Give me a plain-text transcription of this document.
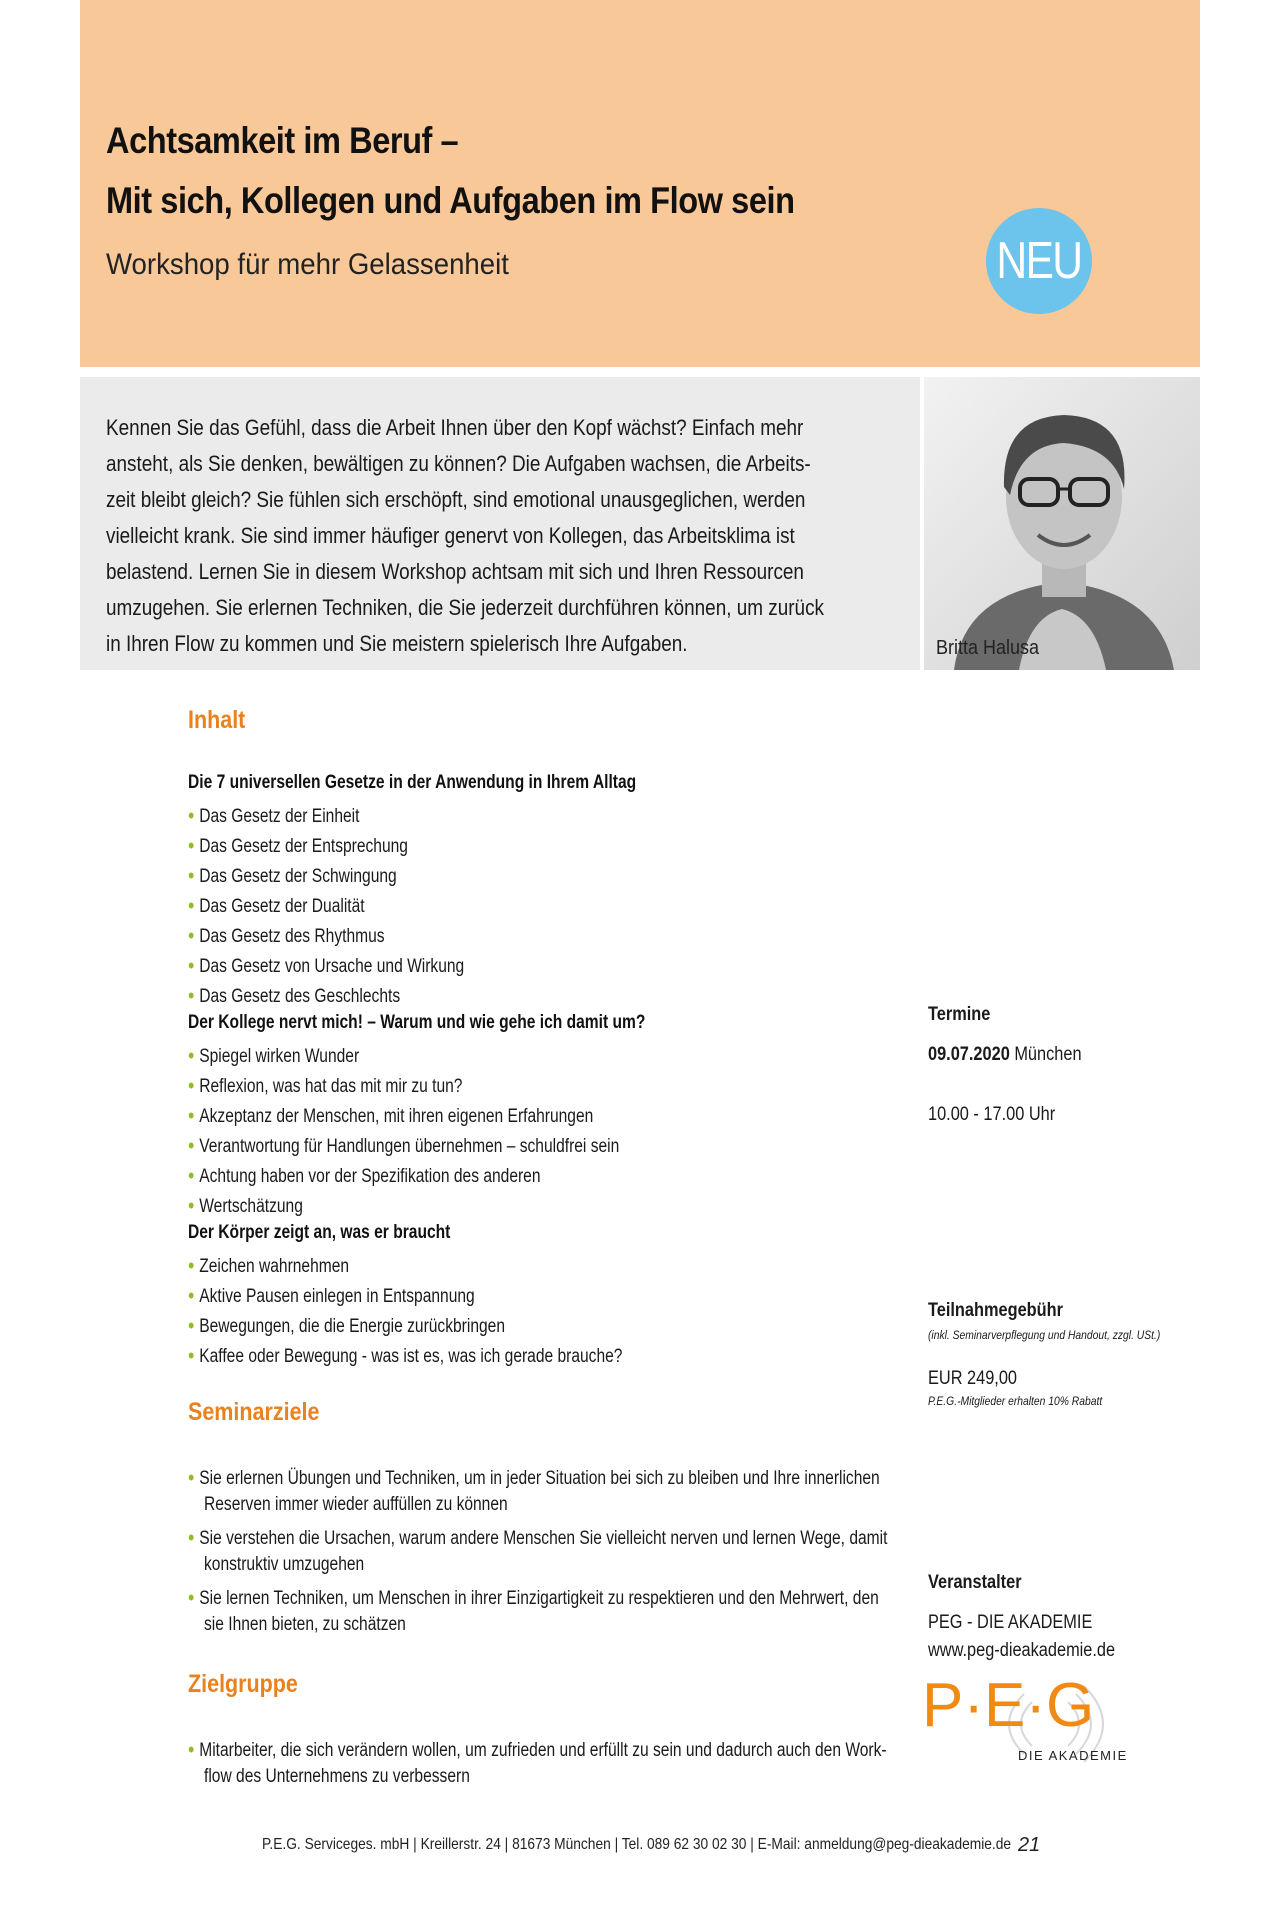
Achtsamkeit im Beruf –
Mit sich, Kollegen und Aufgaben im Flow sein
Workshop für mehr Gelassenheit	NEU
Kennen Sie das Gefühl, dass die Arbeit Ihnen über den Kopf wächst? Einfach mehr
ansteht, als Sie denken, bewältigen zu können? Die Aufgaben wachsen, die Arbeits-
zeit bleibt gleich? Sie fühlen sich erschöpft, sind emotional unausgeglichen, werden
vielleicht krank. Sie sind immer häufiger genervt von Kollegen, das Arbeitsklima ist
belastend. Lernen Sie in diesem Workshop achtsam mit sich und Ihren Ressourcen
umzugehen. Sie erlernen Techniken, die Sie jederzeit durchführen können, um zurück
in Ihren Flow zu kommen und Sie meistern spielerisch Ihre Aufgaben.	Britta Halusa
Inhalt
Die 7 universellen Gesetze in der Anwendung in Ihrem Alltag
• Das Gesetz der Einheit
• Das Gesetz der Entsprechung
• Das Gesetz der Schwingung
• Das Gesetz der Dualität
• Das Gesetz des Rhythmus
• Das Gesetz von Ursache und Wirkung
• Das Gesetz des Geschlechts
Der Kollege nervt mich! – Warum und wie gehe ich damit um?
• Spiegel wirken Wunder
• Reflexion, was hat das mit mir zu tun?
• Akzeptanz der Menschen, mit ihren eigenen Erfahrungen
• Verantwortung für Handlungen übernehmen – schuldfrei sein
• Achtung haben vor der Spezifikation des anderen
• Wertschätzung
Der Körper zeigt an, was er braucht
• Zeichen wahrnehmen
• Aktive Pausen einlegen in Entspannung
• Bewegungen, die die Energie zurückbringen
• Kaffee oder Bewegung - was ist es, was ich gerade brauche?
Seminarziele
• Sie erlernen Übungen und Techniken, um in jeder Situation bei sich zu bleiben und Ihre innerlichen
Reserven immer wieder auffüllen zu können
• Sie verstehen die Ursachen, warum andere Menschen Sie vielleicht nerven und lernen Wege, damit
konstruktiv umzugehen
• Sie lernen Techniken, um Menschen in ihrer Einzigartigkeit zu respektieren und den Mehrwert, den
sie Ihnen bieten, zu schätzen
Zielgruppe
• Mitarbeiter, die sich verändern wollen, um zufrieden und erfüllt zu sein und dadurch auch den Work-
flow des Unternehmens zu verbessern
Termine
09.07.2020 München
10.00 - 17.00 Uhr
Teilnahmegebühr
(inkl. Seminarverpflegung und Handout, zzgl. USt.)
EUR 249,00
P.E.G.-Mitglieder erhalten 10% Rabatt
Veranstalter
PEG - DIE AKADEMIE
www.peg-dieakademie.de
P·E·G
DIE AKADEMIE
P.E.G. Serviceges. mbH | Kreillerstr. 24 | 81673 München | Tel. 089 62 30 02 30 | E-Mail: anmeldung@peg-dieakademie.de 21
